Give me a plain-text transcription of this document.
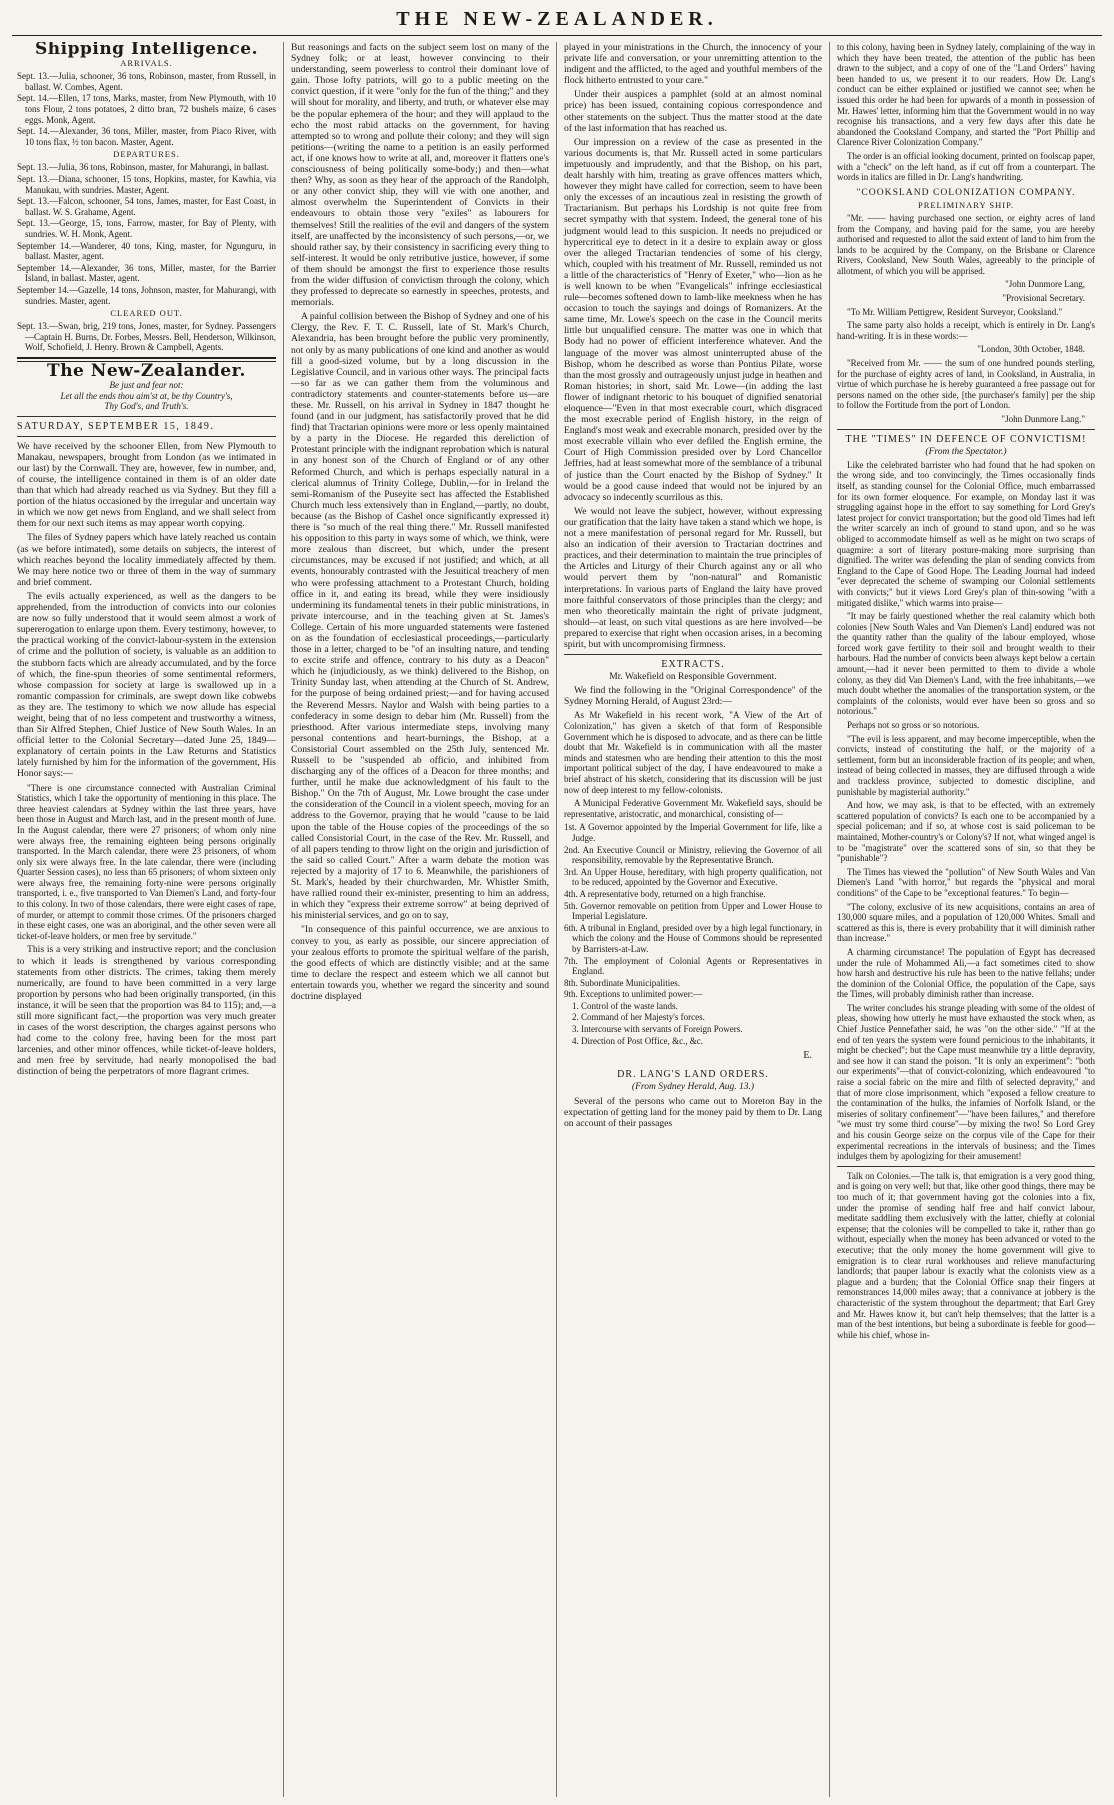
THE NEW-ZEALANDER.
Shipping Intelligence.
ARRIVALS.
Sept. 13.—Julia, schooner, 36 tons, Robinson, master, from Russell, in ballast. W. Combes, Agent.
Sept. 14.—Ellen, 17 tons, Marks, master, from New Plymouth, with 10 tons Flour, 2 tons potatoes, 2 ditto bran, 72 bushels maize, 6 cases eggs. Monk, Agent.
Sept. 14.—Alexander, 36 tons, Miller, master, from Piaco River, with 10 tons flax, ½ ton bacon. Master, Agent.
DEPARTURES.
Sept. 13.—Julia, 36 tons, Robinson, master, for Mahurangi, in ballast.
Sept. 13.—Diana, schooner, 15 tons, Hopkins, master, for Kawhia, via Manukau, with sundries. Master, Agent.
Sept. 13.—Falcon, schooner, 54 tons, James, master, for East Coast, in ballast. W. S. Grahame, Agent.
Sept. 13.—George, 15, tons, Farrow, master, for Bay of Plenty, with sundries. W. H. Monk, Agent.
September 14.—Wanderer, 40 tons, King, master, for Ngunguru, in ballast. Master, agent.
September 14.—Alexander, 36 tons, Miller, master, for the Barrier Island, in ballast. Master, agent.
September 14.—Gazelle, 14 tons, Johnson, master, for Mahurangi, with sundries. Master, agent.
CLEARED OUT.
Sept. 13.—Swan, brig, 219 tons, Jones, master, for Sydney. Passengers—Captain H. Burns, Dr. Forbes, Messrs. Bell, Henderson, Wilkinson, Wolf, Schofield, J. Henry. Brown & Campbell, Agents.
The New-Zealander.
Be just and fear not:
Let all the ends thou aim'st at, be thy Country's,
Thy God's, and Truth's.
SATURDAY, SEPTEMBER 15, 1849.

We have received by the schooner Ellen, from New Plymouth to Manakau, newspapers, brought from London (as we intimated in our last) by the Cornwall. They are, however, few in number, and, of course, the intelligence contained in them is of an older date than that which had already reached us via Sydney. But they fill a portion of the hiatus occasioned by the irregular and uncertain way in which we now get news from England, and we shall select from them for our next such items as may appear worth copying.

The files of Sydney papers which have lately reached us contain (as we before intimated), some details on subjects, the interest of which reaches beyond the locality immediately affected by them. We may here notice two or three of them in the way of summary and brief comment.

The evils actually experienced, as well as the dangers to be apprehended, from the introduction of convicts into our colonies are now so fully understood that it would seem almost a work of supererogation to enlarge upon them. Every testimony, however, to the practical working of the convict-labour-system in the extension of crime and the pollution of society, is valuable as an addition to the stubborn facts which are already accumulated, and by the force of which, the fine-spun theories of some sentimental reformers, whose compassion for society at large is swallowed up in a romantic compassion for criminals, are swept down like cobwebs as they are. The testimony to which we now allude has especial weight, being that of no less competent and trustworthy a witness, than Sir Alfred Stephen, Chief Justice of New South Wales. In an official letter to the Colonial Secretary—dated June 25, 1849—explanatory of certain points in the Law Returns and Statistics lately furnished by him for the information of the government, His Honor says:—

"There is one circumstance connected with Australian Criminal Statistics, which I take the opportunity of mentioning in this place. The three heaviest calendars at Sydney within the last three years, have been those in August and March last, and in the present month of June. In the August calendar, there were 27 prisoners; of whom only nine were always free, the remaining eighteen being persons originally transported. In the March calendar, there were 23 prisoners, of whom only six were always free. In the late calendar, there were (including Quarter Session cases), no less than 65 prisoners; of whom sixteen only were always free, the remaining forty-nine were persons originally transported, i. e., five transported to Van Diemen's Land, and forty-four to this colony. In two of those calendars, there were eight cases of rape, of murder, or attempt to commit those crimes. Of the prisoners charged in these eight cases, one was an aboriginal, and the other seven were all ticket-of-leave holders, or men free by servitude."

This is a very striking and instructive report; and the conclusion to which it leads is strengthened by various corresponding statements from other districts. The crimes, taking them merely numerically, are found to have been committed in a very large proportion by persons who had been originally transported, (in this instance, it will be seen that the proportion was 84 to 115); and,—a still more significant fact,—the proportion was very much greater in cases of the worst description, the charges against persons who had come to the colony free, having been for the most part larcenies, and other minor offences, while ticket-of-leave holders, and men free by servitude, had nearly monopolised the bad distinction of being the perpetrators of more flagrant crimes.

But reasonings and facts on the subject seem lost on many of the Sydney folk; or at least, however convincing to their understanding, seem powerless to control their dominant love of gain. Those lofty patriots, will go to a public meeting on the convict question, if it were "only for the fun of the thing;" and they will shout for morality, and liberty, and truth, or whatever else may be the popular ephemera of the hour; and they will applaud to the echo the most rabid attacks on the government, for having attempted so to wrong and pollute their colony; and they will sign petitions—(writing the name to a petition is an easily performed act, if one knows how to write at all, and, moreover it flatters one's consciousness of being politically some-body;) and then—what then? Why, as soon as they hear of the approach of the Randolph, or any other convict ship, they will vie with one another, and almost overwhelm the Superintendent of Convicts in their endeavours to obtain those very "exiles" as labourers for themselves! Still the realities of the evil and dangers of the system itself, are unaffected by the inconsistency of such persons,—or, we should rather say, by their consistency in sacrificing every thing to self-interest. It would be only retributive justice, however, if some of them should be amongst the first to experience those results from the wider diffusion of convictism through the colony, which they professed to deprecate so earnestly in speeches, protests, and memorials.

A painful collision between the Bishop of Sydney and one of his Clergy, the Rev. F. T. C. Russell, late of St. Mark's Church, Alexandria, has been brought before the public very prominently, not only by as many publications of one kind and another as would fill a good-sized volume, but by a long discussion in the Legislative Council, and in various other ways. The principal facts—so far as we can gather them from the voluminous and contradictory statements and counter-statements before us—are these. Mr. Russell, on his arrival in Sydney in 1847 thought he found (and in our judgment, has satisfactorily proved that he did find) that Tractarian opinions were more or less openly maintained by a party in the Diocese. He regarded this dereliction of Protestant principle with the indignant reprobation which is natural in any honest son of the Church of England or of any other Reformed Church, and which is perhaps especially natural in a clerical alumnus of Trinity College, Dublin,—for in Ireland the semi-Romanism of the Puseyite sect has affected the Established Church much less extensively than in England,—partly, no doubt, because (as the Bishop of Cashel once significantly expressed it) there is "so much of the real thing there." Mr. Russell manifested his opposition to this party in ways some of which, we think, were more zealous than discreet, but which, under the present circumstances, may be excused if not justified; and which, at all events, honourably contrasted with the Jesuitical treachery of men who were professing attachment to a Protestant Church, holding office in it, and eating its bread, while they were insidiously undermining its fundamental tenets in their public ministrations, in private intercourse, and in the teaching given at St. James's College. Certain of his more unguarded statements were fastened on as the foundation of ecclesiastical proceedings,—particularly those in a letter, charged to be "of an insulting nature, and tending to excite strife and offence, contrary to his duty as a Deacon" which he (injudiciously, as we think) delivered to the Bishop, on Trinity Sunday last, when attending at the Church of St. Andrew, for the purpose of being ordained priest;—and for having accused the Reverend Messrs. Naylor and Walsh with being parties to a confederacy in some design to debar him (Mr. Russell) from the priesthood. After various intermediate steps, involving many personal contentions and heart-burnings, the Bishop, at a Consistorial Court assembled on the 25th July, sentenced Mr. Russell to be "suspended ab officio, and inhibited from discharging any of the offices of a Deacon for three months; and further, until he make due acknowledgment of his fault to the Bishop." On the 7th of August, Mr. Lowe brought the case under the consideration of the Council in a violent speech, moving for an address to the Governor, praying that he would "cause to be laid upon the table of the House copies of the proceedings of the so called Consistorial Court, in the case of the Rev. Mr. Russell, and of all papers tending to throw light on the origin and jurisdiction of the said so called Court." After a warm debate the motion was rejected by a majority of 17 to 6. Meanwhile, the parishioners of St. Mark's, headed by their churchwarden, Mr. Whistler Smith, have rallied round their ex-minister, presenting to him an address, in which they "express their extreme sorrow" at being deprived of his ministerial services, and go on to say,

"In consequence of this painful occurrence, we are anxious to convey to you, as early as possible, our sincere appreciation of your zealous efforts to promote the spiritual welfare of the parish, the good effects of which are distinctly visible; and at the same time to declare the respect and esteem which we all cannot but entertain towards you, whether we regard the sincerity and sound doctrine displayed

played in your ministrations in the Church, the innocency of your private life and conversation, or your unremitting attention to the indigent and the afflicted, to the aged and youthful members of the flock hitherto entrusted to your care."

Under their auspices a pamphlet (sold at an almost nominal price) has been issued, containing copious correspondence and other statements on the subject. Thus the matter stood at the date of the last information that has reached us.

Our impression on a review of the case as presented in the various documents is, that Mr. Russell acted in some particulars impetuously and imprudently, and that the Bishop, on his part, dealt harshly with him, treating as grave offences matters which, however they might have called for correction, seem to have been only the excesses of an incautious zeal in resisting the growth of Tractarianism. But perhaps his Lordship is not quite free from secret sympathy with that system. Indeed, the general tone of his judgment would lead to this suspicion. It needs no prejudiced or hypercritical eye to detect in it a desire to explain away or gloss over the alleged Tractarian tendencies of some of his clergy, which, coupled with his treatment of Mr. Russell, reminded us not a little of the characteristics of "Henry of Exeter," who—lion as he is well known to be when "Evangelicals" infringe ecclesiastical rule—becomes softened down to lamb-like meekness when he has occasion to touch the sayings and doings of Romanizers. At the same time, Mr. Lowe's speech on the case in the Council merits little but unqualified censure. The matter was one in which that Body had no power of efficient interference whatever. And the language of the mover was almost uninterrupted abuse of the Bishop, whom he described as worse than Pontius Pilate, worse than the most grossly and outrageously unjust judge in heathen and Roman histories; in short, said Mr. Lowe—(in adding the last flower of indignant rhetoric to his bouquet of dignified senatorial eloquence—"Even in that most execrable court, which disgraced the most execrable period of English history, in the reign of England's most weak and execrable monarch, presided over by the most execrable villain who ever defiled the English ermine, the Court of High Commission presided over by Lord Chancellor Jeffries, had at least somewhat more of the semblance of a tribunal of justice than the Court enacted by the Bishop of Sydney." It would be a good cause indeed that would not be injured by an advocacy so indecently scurrilous as this.

We would not leave the subject, however, without expressing our gratification that the laity have taken a stand which we hope, is not a mere manifestation of personal regard for Mr. Russell, but also an indication of their aversion to Tractarian doctrines and practices, and their determination to maintain the true principles of the Articles and Liturgy of their Church against any or all who would pervert them by "non-natural" and Romanistic interpretations. In various parts of England the laity have proved more faithful conservators of those principles than the clergy; and men who theoretically maintain the right of private judgment, should—at least, on such vital questions as are here involved—be prepared to exercise that right when occasion arises, in a becoming spirit, but with uncompromising firmness.

EXTRACTS.
Mr. Wakefield on Responsible Government.

We find the following in the "Original Correspondence" of the Sydney Morning Herald, of August 23rd:—

As Mr Wakefield in his recent work, "A View of the Art of Colonization," has given a sketch of that form of Responsible Government which he is disposed to advocate, and as there can be little doubt that Mr. Wakefield is in communication with all the master minds and statesmen who are bending their attention to this the most important political subject of the day, I have endeavoured to make a brief abstract of his sketch, considering that its discussion will be just now of deep interest to my fellow-colonists.

A Municipal Federative Government Mr. Wakefield says, should be representative, aristocratic, and monarchical, consisting of—

1st. A Governor appointed by the Imperial Government for life, like a Judge.
2nd. An Executive Council or Ministry, relieving the Governor of all responsibility, removable by the Representative Branch.
3rd. An Upper House, hereditary, with high property qualification, not to be reduced, appointed by the Governor and Executive.
4th. A representative body, returned on a high franchise.
5th. Governor removable on petition from Upper and Lower House to Imperial Legislature.
6th. A tribunal in England, presided over by a high legal functionary, in which the colony and the House of Commons should be represented by Barristers-at-Law.
7th. The employment of Colonial Agents or Representatives in England.
8th. Subordinate Municipalities.
9th. Exceptions to unlimited power:—
1. Control of the waste lands.
2. Command of her Majesty's forces.
3. Intercourse with servants of Foreign Powers.
4. Direction of Post Office, &c., &c.
E.
DR. LANG'S LAND ORDERS.
(From Sydney Herald, Aug. 13.)

Several of the persons who came out to Moreton Bay in the expectation of getting land for the money paid by them to Dr. Lang on account of their passages

to this colony, having been in Sydney lately, complaining of the way in which they have been treated, the attention of the public has been drawn to the subject, and a copy of one of the "Land Orders" having been handed to us, we present it to our readers. How Dr. Lang's conduct can be either explained or justified we cannot see; when he issued this order he had been for upwards of a month in possession of Mr. Hawes' letter, informing him that the Government would in no way recognise his transactions, and a very few days after this date he abandoned the Cooksland Company, and started the "Port Phillip and Clarence River Colonization Company."

The order is an official looking document, printed on foolscap paper, with a "check" on the left hand, as if cut off from a counterpart. The words in italics are filled in Dr. Lang's handwriting.

"COOKSLAND COLONIZATION COMPANY.
PRELIMINARY SHIP.

"Mr. —— having purchased one section, or eighty acres of land from the Company, and having paid for the same, you are hereby authorised and requested to allot the said extent of land to him from the lands to be acquired by the Company, on the Brisbane or Clarence Rivers, Cooksland, New South Wales, agreeably to the principle of allotment, of which you will be apprised.

"John Dunmore Lang,

"Provisional Secretary.

"To Mr. William Pettigrew, Resident Surveyor, Cooksland."

The same party also holds a receipt, which is entirely in Dr. Lang's hand-writing. It is in these words:—

"London, 30th October, 1848.

"Received from Mr. —— the sum of one hundred pounds sterling, for the purchase of eighty acres of land, in Cooksland, in Australia, in virtue of which purchase he is hereby guaranteed a free passage out for persons named on the other side, [the purchaser's family] per the ship to follow the Fortitude from the port of London.

"John Dunmore Lang."

THE "TIMES" IN DEFENCE OF CONVICTISM!
(From the Spectator.)

Like the celebrated barrister who had found that he had spoken on the wrong side, and too convincingly, the Times occasionally finds itself, as standing counsel for the Colonial Office, much embarrassed for its own former eloquence. For example, on Monday last it was struggling against hope in the effort to say something for Lord Grey's latest project for convict transportation; but the good old Times had left the writer scarcely an inch of ground to stand upon, and so he was obliged to accommodate himself as well as he might on two scraps of quagmire: a sort of literary posture-making more surprising than dignified. The writer was defending the plan of sending convicts from England to the Cape of Good Hope. The Leading Journal had indeed "ever deprecated the scheme of swamping our Colonial settlements with convicts;" but it views Lord Grey's plan of thin-sowing "with a mitigated dislike," which warms into praise—

"It may be fairly questioned whether the real calamity which both colonies [New South Wales and Van Diemen's Land] endured was not the quantity rather than the quality of the labour employed, whose forced work gave fertility to their soil and brought wealth to their harbours. Had the number of convicts been always kept below a certain amount,—had it never been permitted to them to divide a whole colony, as they did Van Diemen's Land, with the free inhabitants,—we much doubt whether the anomalies of the transportation system, or the complaints of the colonists, would ever have been so gross and so notorious."

Perhaps not so gross or so notorious.

"The evil is less apparent, and may become imperceptible, when the convicts, instead of constituting the half, or the majority of a settlement, form but an inconsiderable fraction of its people; and when, instead of being collected in masses, they are diffused through a wide and trackless province, subjected to domestic discipline, and punishable by magisterial authority."

And how, we may ask, is that to be effected, with an extremely scattered population of convicts? Is each one to be accompanied by a special policeman; and if so, at whose cost is said policeman to be maintained, Mother-country's or Colony's? If not, what winged angel is to be "magistrate" over the scattered sons of sin, so that they be "punishable"?

The Times has viewed the "pollution" of New South Wales and Van Diemen's Land "with horror," but regards the "physical and moral conditions" of the Cape to be "exceptional features." To begin—

"The colony, exclusive of its new acquisitions, contains an area of 130,000 square miles, and a population of 120,000 Whites. Small and scattered as this is, there is every probability that it will diminish rather than increase."

A charming circumstance! The population of Egypt has decreased under the rule of Mohammed Ali,—a fact sometimes cited to show how harsh and destructive his rule has been to the native fellahs; under the dominion of the Colonial Office, the population of the Cape, says the Times, will probably diminish rather than increase.

The writer concludes his strange pleading with some of the oldest of pleas, showing how utterly he must have exhausted the stock when, as Chief Justice Pennefather said, he was "on the other side." "If at the end of ten years the system were found pernicious to the inhabitants, it might be checked"; but the Cape must meanwhile try a little depravity, and see how it can stand the poison. "It is only an experiment": "both our experiments"—that of convict-colonizing, which endeavoured "to raise a social fabric on the mire and filth of selected depravity," and that of more close imprisonment, which "exposed a fellow creature to the contamination of the hulks, the infamies of Norfolk Island, or the miseries of solitary confinement"—"have been failures," and therefore "we must try some third course"—by mixing the two! So Lord Grey and his cousin George seize on the corpus vile of the Cape for their experimental recreations in the intervals of business; and the Times indulges them by apologizing for their amusement!

Talk on Colonies.—The talk is, that emigration is a very good thing, and is going on very well; but that, like other good things, there may be too much of it; that government having got the colonies into a fix, under the promise of sending half free and half convict labour, meditate saddling them exclusively with the latter, chiefly at colonial expense; that the colonies will be compelled to take it, rather than go without, especially when the money has been advanced or voted to the executive; that the only money the home government will give to emigration is to clear rural workhouses and relieve manufacturing landlords; that pauper labour is exactly what the colonists view as a plague and a burden; that the Colonial Office snap their fingers at remonstrances 14,000 miles away; that a connivance at jobbery is the characteristic of the system throughout the department; that Earl Grey and Mr. Hawes know it, but can't help themselves; that the latter is a man of the best intentions, but being a subordinate is feeble for good—while his chief, whose in-
